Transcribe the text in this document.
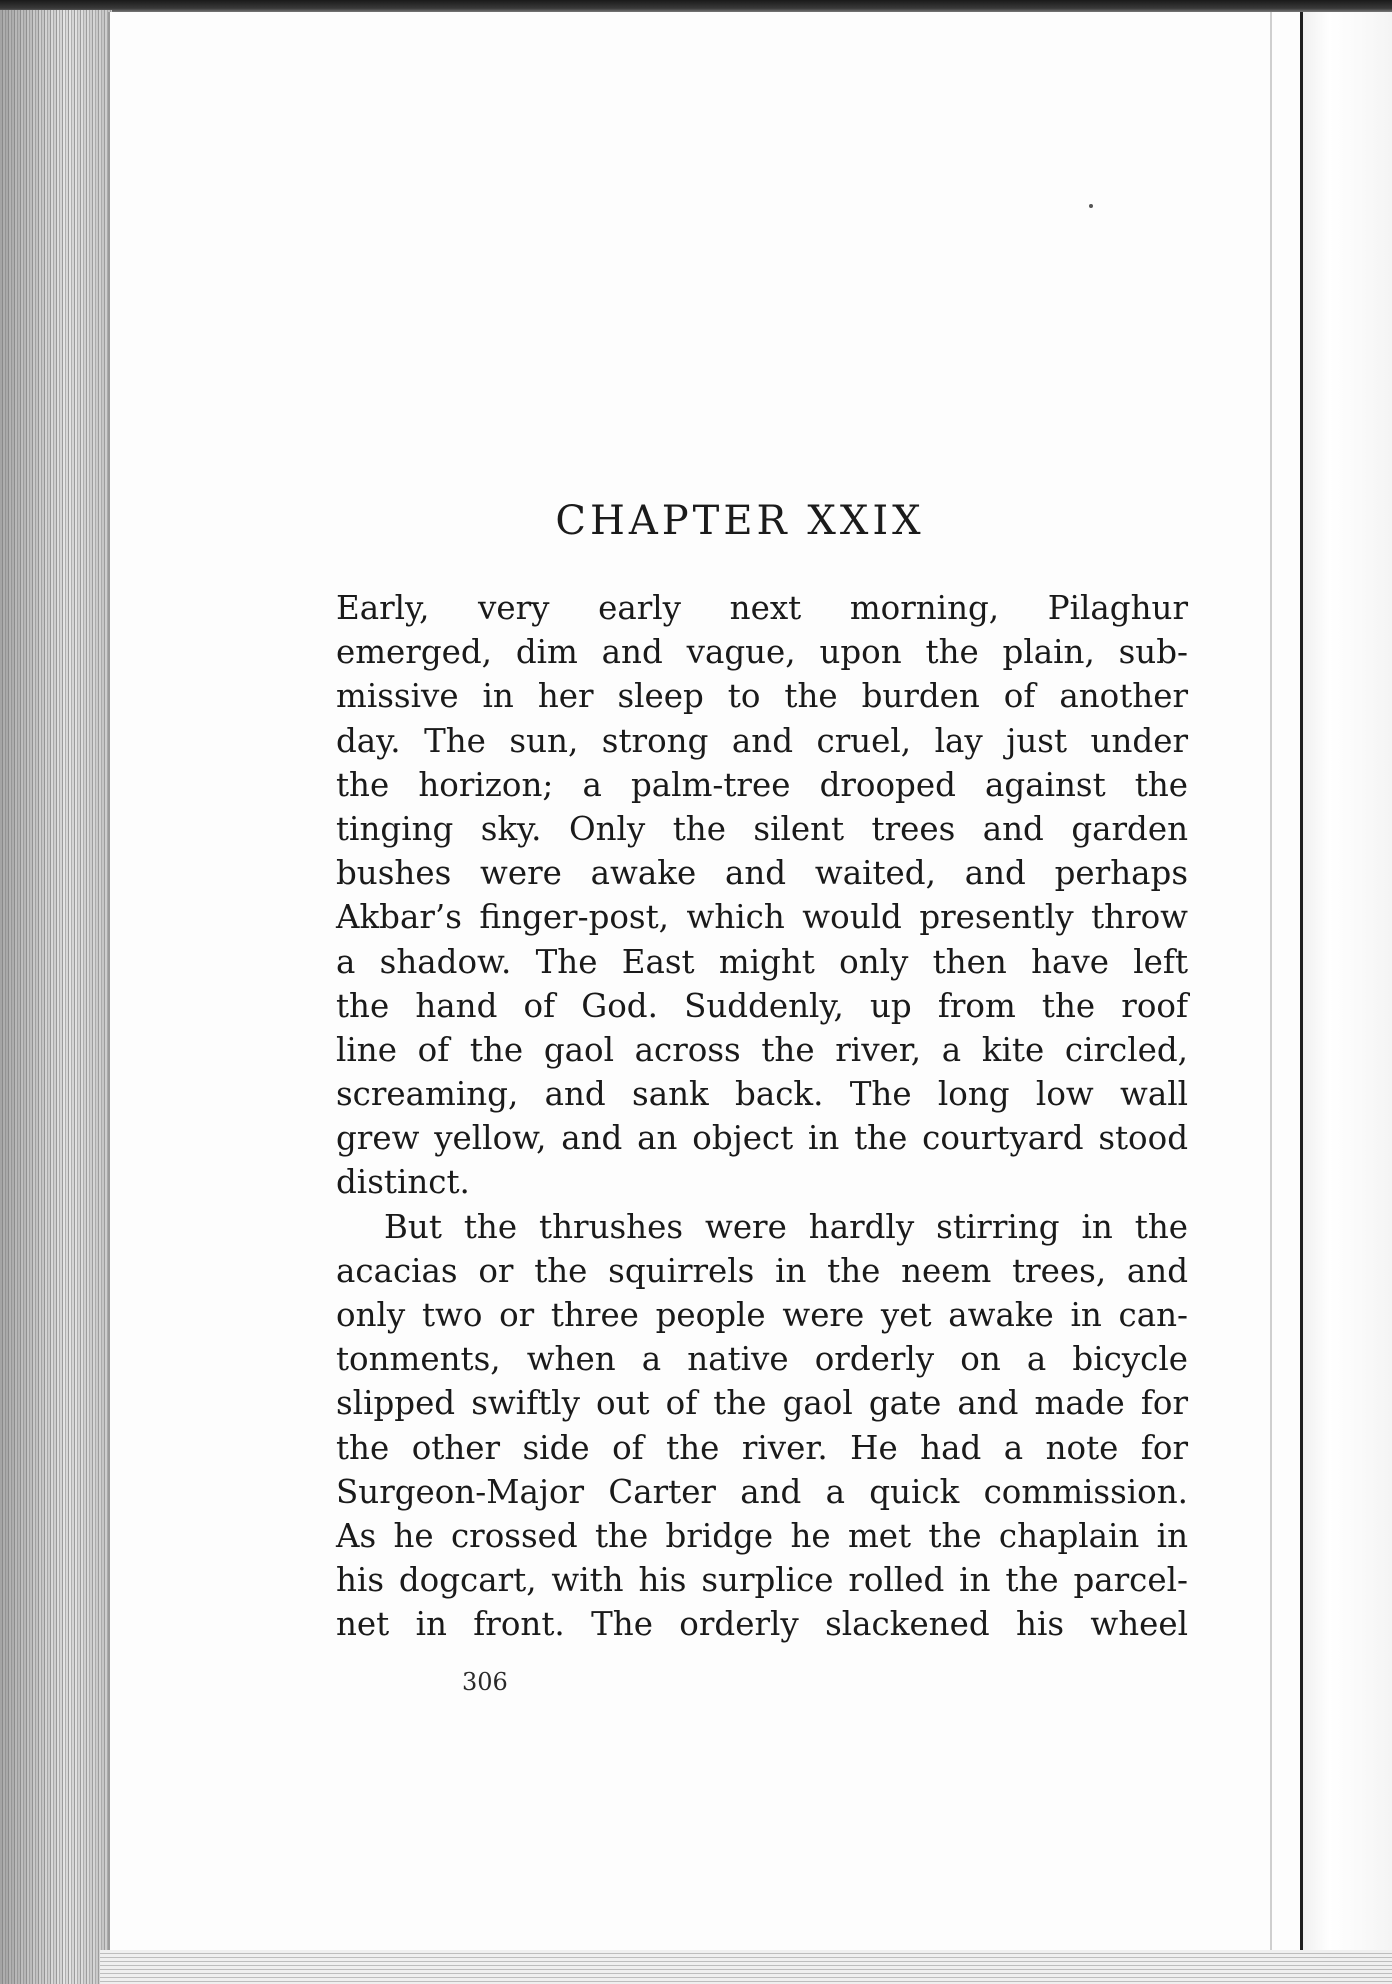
CHAPTER XXIX
Early, very early next morning, Pilaghur
emerged, dim and vague, upon the plain, sub-
missive in her sleep to the burden of another
day. The sun, strong and cruel, lay just under
the horizon; a palm-tree drooped against the
tinging sky. Only the silent trees and garden
bushes were awake and waited, and perhaps
Akbar’s finger-post, which would presently throw
a shadow. The East might only then have left
the hand of God. Suddenly, up from the roof
line of the gaol across the river, a kite circled,
screaming, and sank back. The long low wall
grew yellow, and an object in the courtyard stood
distinct.
But the thrushes were hardly stirring in the
acacias or the squirrels in the neem trees, and
only two or three people were yet awake in can-
tonments, when a native orderly on a bicycle
slipped swiftly out of the gaol gate and made for
the other side of the river. He had a note for
Surgeon-Major Carter and a quick commission.
As he crossed the bridge he met the chaplain in
his dogcart, with his surplice rolled in the parcel-
net in front. The orderly slackened his wheel
306
